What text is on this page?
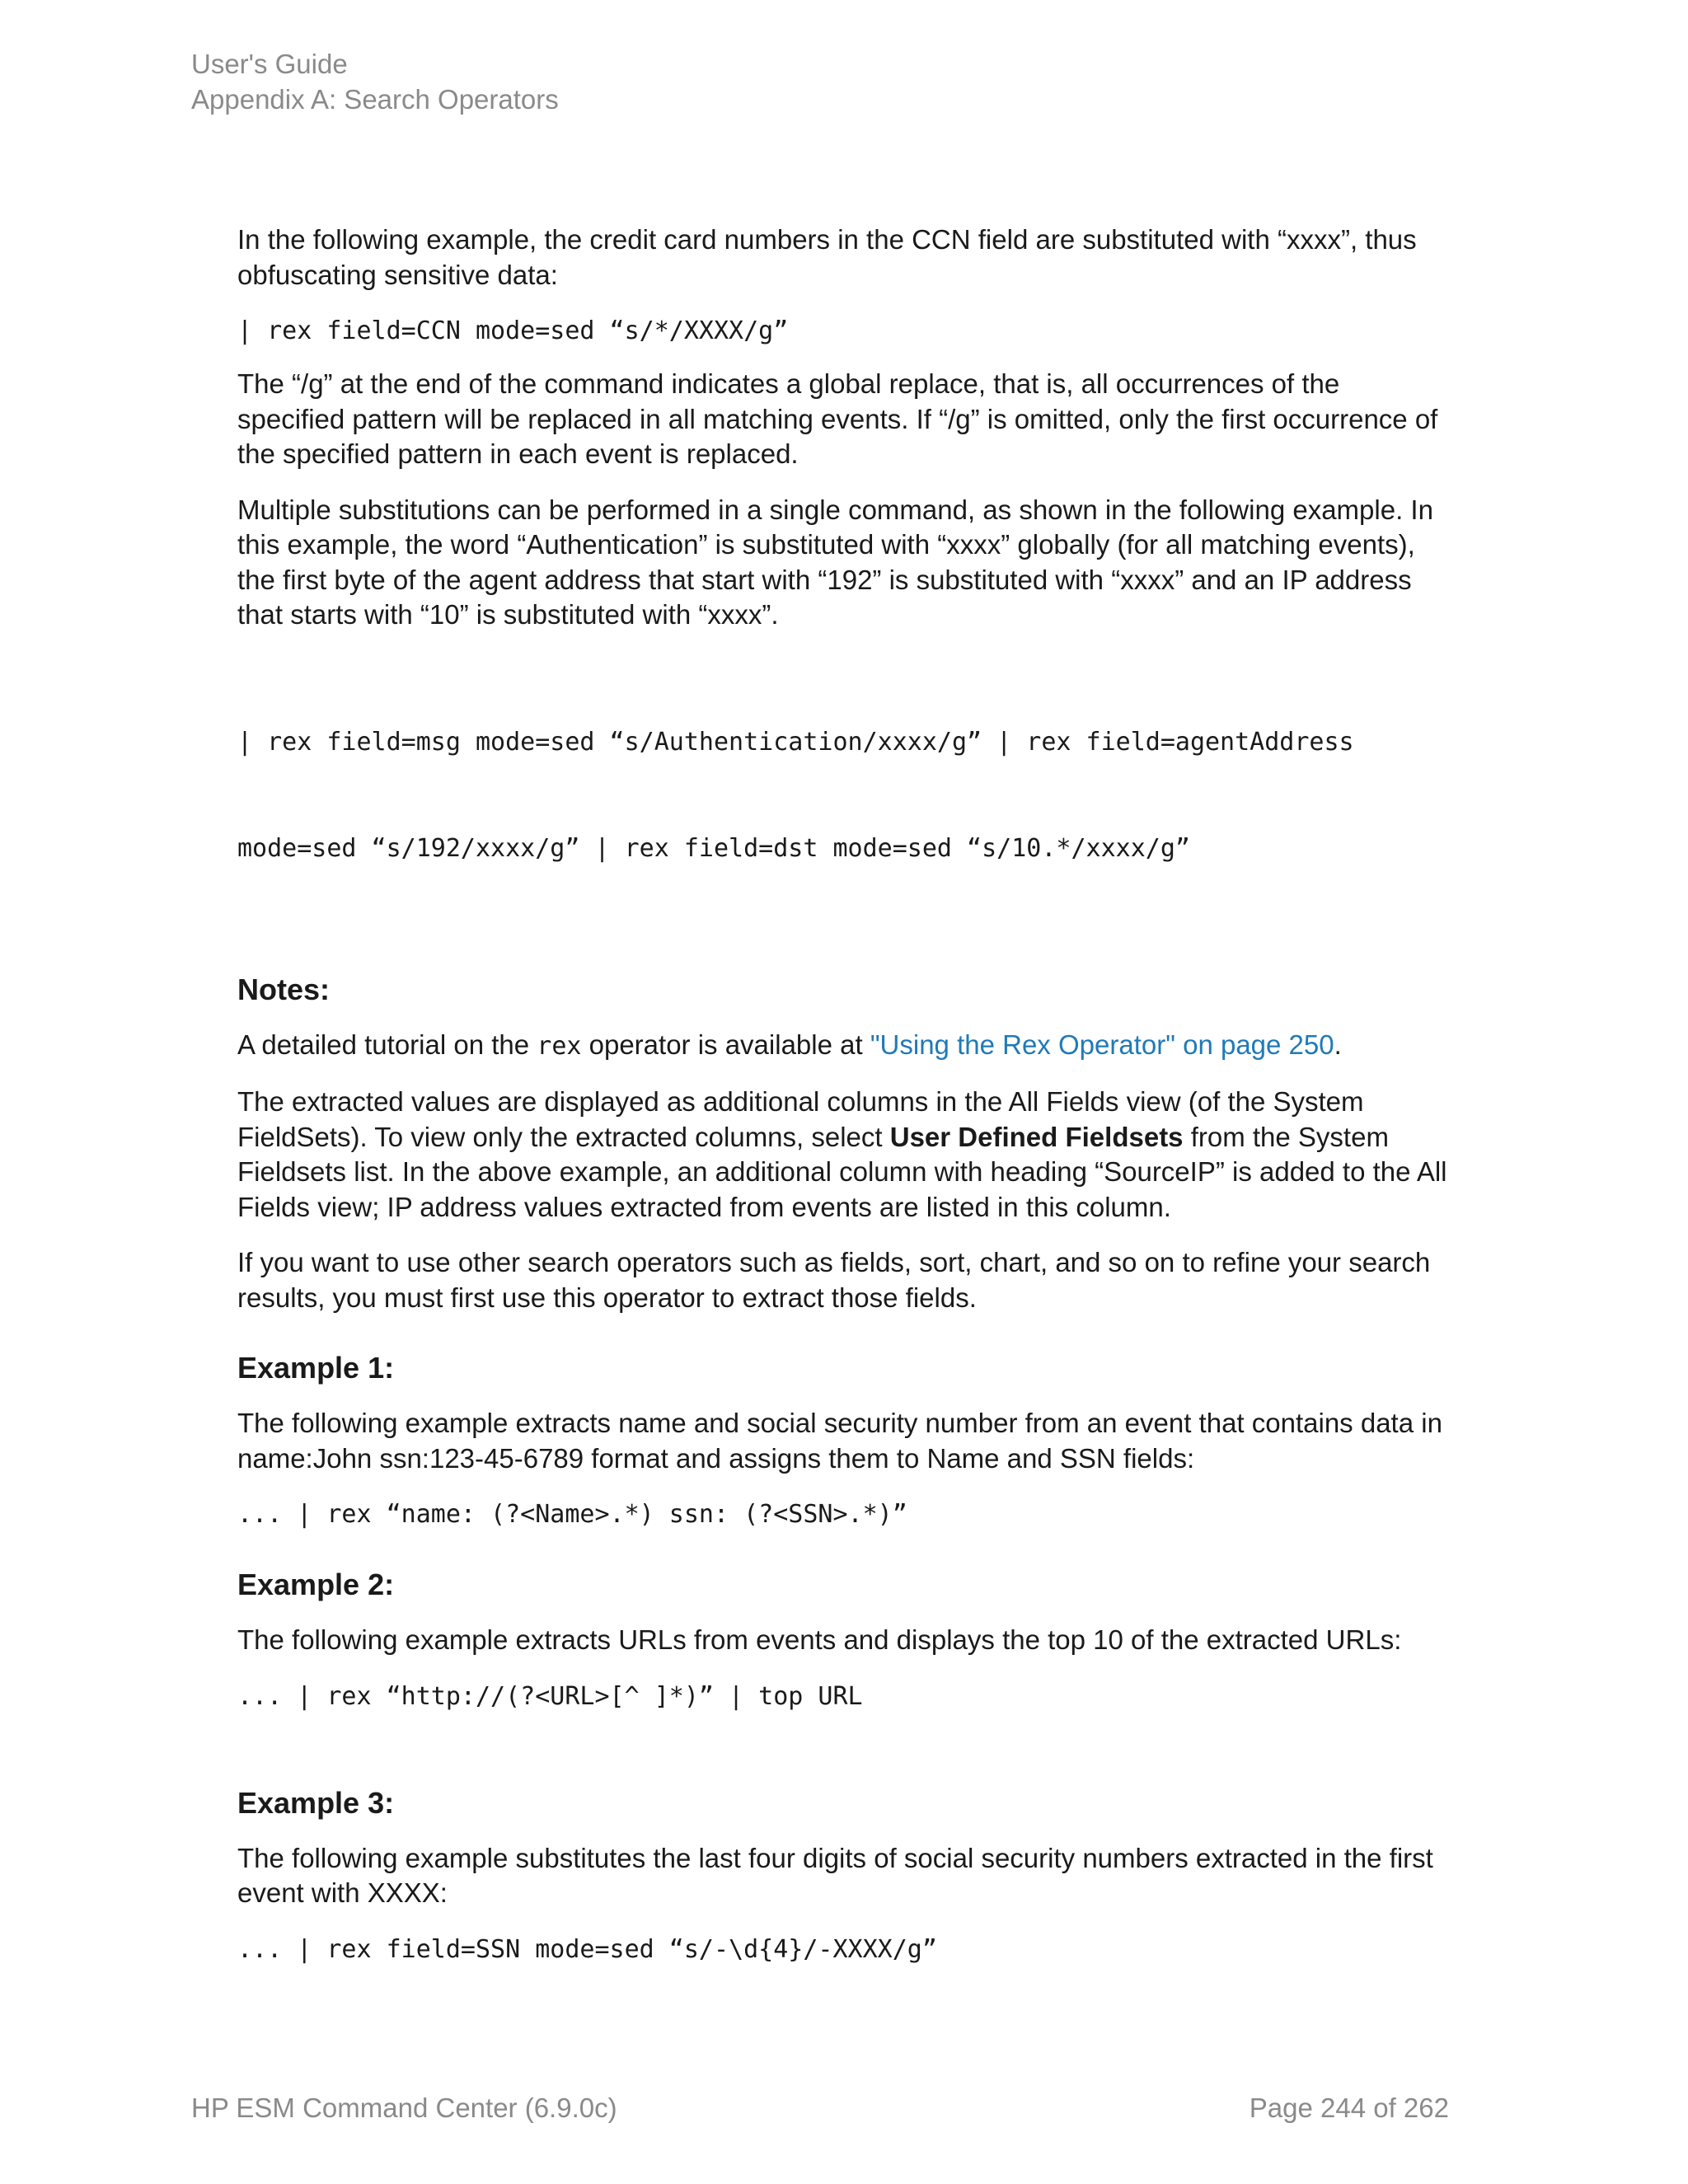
User's Guide
Appendix A: Search Operators

In the following example, the credit card numbers in the CCN field are substituted with “xxxx”, thus obfuscating sensitive data:

| rex field=CCN mode=sed “s/*/XXXX/g”

The “/g” at the end of the command indicates a global replace, that is, all occurrences of the specified pattern will be replaced in all matching events. If “/g” is omitted, only the first occurrence of the specified pattern in each event is replaced.

Multiple substitutions can be performed in a single command, as shown in the following example. In this example, the word “Authentication” is substituted with “xxxx” globally (for all matching events), the first byte of the agent address that start with “192” is substituted with “xxxx” and an IP address that starts with “10” is substituted with “xxxx”.

| rex field=msg mode=sed “s/Authentication/xxxx/g” | rex field=agentAddress

mode=sed “s/192/xxxx/g” | rex field=dst mode=sed “s/10.*/xxxx/g”

Notes:

A detailed tutorial on the rex operator is available at "Using the Rex Operator" on page 250.

The extracted values are displayed as additional columns in the All Fields view (of the System FieldSets). To view only the extracted columns, select User Defined Fieldsets from the System Fieldsets list. In the above example, an additional column with heading “SourceIP” is added to the All Fields view; IP address values extracted from events are listed in this column.

If you want to use other search operators such as fields, sort, chart, and so on to refine your search results, you must first use this operator to extract those fields.

Example 1:

The following example extracts name and social security number from an event that contains data in name:John ssn:123-45-6789 format and assigns them to Name and SSN fields:

... | rex “name: (?<Name>.*) ssn: (?<SSN>.*)”
Example 2:

The following example extracts URLs from events and displays the top 10 of the extracted URLs:

... | rex “http://(?<URL>[^ ]*)” | top URL
Example 3:

The following example substitutes the last four digits of social security numbers extracted in the first event with XXXX:

... | rex field=SSN mode=sed “s/-\d{4}/-XXXX/g”
HP ESM Command Center (6.9.0c)	Page 244 of 262
